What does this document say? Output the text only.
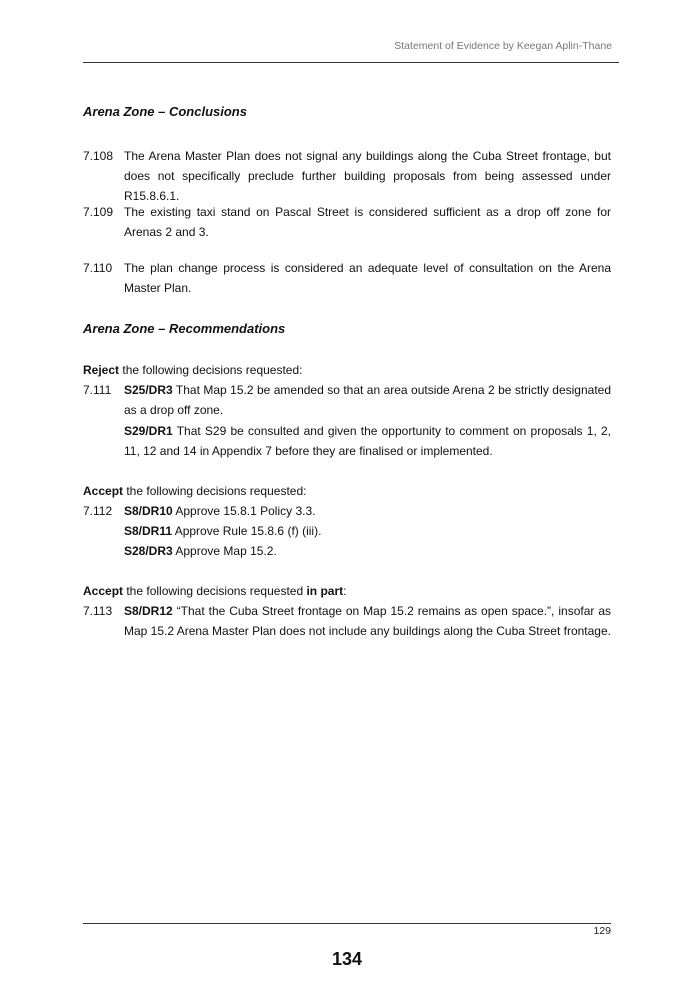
Statement of Evidence by Keegan Aplin-Thane
Arena Zone – Conclusions
7.108 The Arena Master Plan does not signal any buildings along the Cuba Street frontage, but does not specifically preclude further building proposals from being assessed under R15.8.6.1.
7.109 The existing taxi stand on Pascal Street is considered sufficient as a drop off zone for Arenas 2 and 3.
7.110 The plan change process is considered an adequate level of consultation on the Arena Master Plan.
Arena Zone – Recommendations
Reject the following decisions requested:
7.111 S25/DR3 That Map 15.2 be amended so that an area outside Arena 2 be strictly designated as a drop off zone.
S29/DR1 That S29 be consulted and given the opportunity to comment on proposals 1, 2, 11, 12 and 14 in Appendix 7 before they are finalised or implemented.
Accept the following decisions requested:
7.112 S8/DR10 Approve 15.8.1 Policy 3.3.
S8/DR11 Approve Rule 15.8.6 (f) (iii).
S28/DR3 Approve Map 15.2.
Accept the following decisions requested in part:
7.113 S8/DR12 “That the Cuba Street frontage on Map 15.2 remains as open space.”, insofar as Map 15.2 Arena Master Plan does not include any buildings along the Cuba Street frontage.
129
134
